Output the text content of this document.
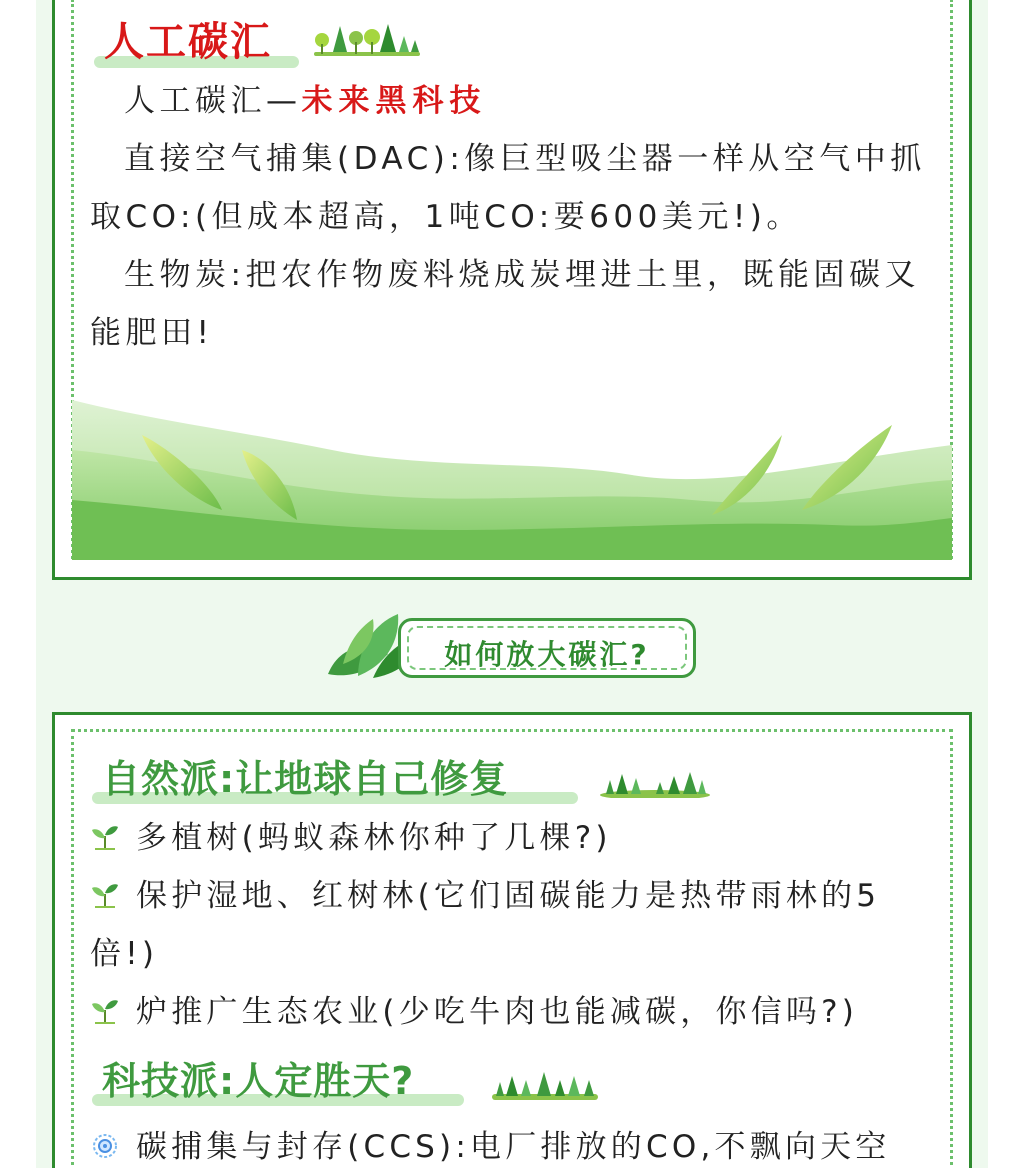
人工碳汇
人工碳汇—未来黑科技
直接空气捕集(DAC):像巨型吸尘器一样从空气中抓取CO:(但成本超高，1吨CO:要600美元!)。
生物炭:把农作物废料烧成炭埋进土里，既能固碳又能肥田!
如何放大碳汇?
自然派:让地球自己修复
多植树(蚂蚁森林你种了几棵?)
保护湿地、红树林(它们固碳能力是热带雨林的5倍!)
炉推广生态农业(少吃牛肉也能减碳，你信吗?)
科技派:人定胜天?
碳捕集与封存(CCS):电厂排放的CO,不飘向天空
